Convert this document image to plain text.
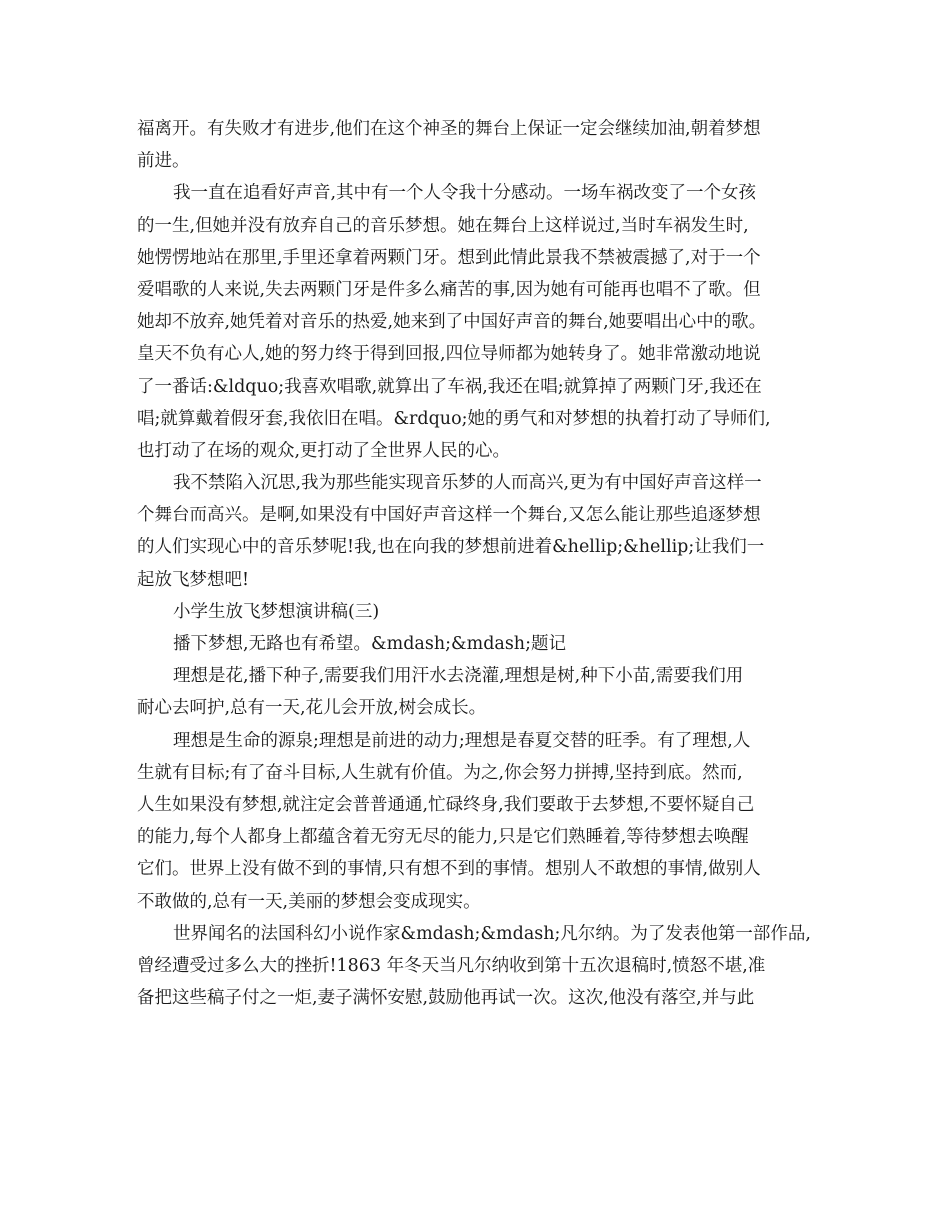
福离开。有失败才有进步,他们在这个神圣的舞台上保证一定会继续加油,朝着梦想
前进。
我一直在追看好声音,其中有一个人令我十分感动。一场车祸改变了一个女孩
的一生,但她并没有放弃自己的音乐梦想。她在舞台上这样说过,当时车祸发生时,
她愣愣地站在那里,手里还拿着两颗门牙。想到此情此景我不禁被震撼了,对于一个
爱唱歌的人来说,失去两颗门牙是件多么痛苦的事,因为她有可能再也唱不了歌。但
她却不放弃,她凭着对音乐的热爱,她来到了中国好声音的舞台,她要唱出心中的歌。
皇天不负有心人,她的努力终于得到回报,四位导师都为她转身了。她非常激动地说
了一番话:&ldquo;我喜欢唱歌,就算出了车祸,我还在唱;就算掉了两颗门牙,我还在
唱;就算戴着假牙套,我依旧在唱。&rdquo;她的勇气和对梦想的执着打动了导师们,
也打动了在场的观众,更打动了全世界人民的心。
我不禁陷入沉思,我为那些能实现音乐梦的人而高兴,更为有中国好声音这样一
个舞台而高兴。是啊,如果没有中国好声音这样一个舞台,又怎么能让那些追逐梦想
的人们实现心中的音乐梦呢!我,也在向我的梦想前进着&hellip;&hellip;让我们一
起放飞梦想吧!
小学生放飞梦想演讲稿(三)
播下梦想,无路也有希望。&mdash;&mdash;题记
理想是花,播下种子,需要我们用汗水去浇灌,理想是树,种下小苗,需要我们用
耐心去呵护,总有一天,花儿会开放,树会成长。
理想是生命的源泉;理想是前进的动力;理想是春夏交替的旺季。有了理想,人
生就有目标;有了奋斗目标,人生就有价值。为之,你会努力拼搏,坚持到底。然而,
人生如果没有梦想,就注定会普普通通,忙碌终身,我们要敢于去梦想,不要怀疑自己
的能力,每个人都身上都蕴含着无穷无尽的能力,只是它们熟睡着,等待梦想去唤醒
它们。世界上没有做不到的事情,只有想不到的事情。想别人不敢想的事情,做别人
不敢做的,总有一天,美丽的梦想会变成现实。
世界闻名的法国科幻小说作家&mdash;&mdash;凡尔纳。为了发表他第一部作品,
曾经遭受过多么大的挫折!1863 年冬天当凡尔纳收到第十五次退稿时,愤怒不堪,准
备把这些稿子付之一炬,妻子满怀安慰,鼓励他再试一次。这次,他没有落空,并与此
